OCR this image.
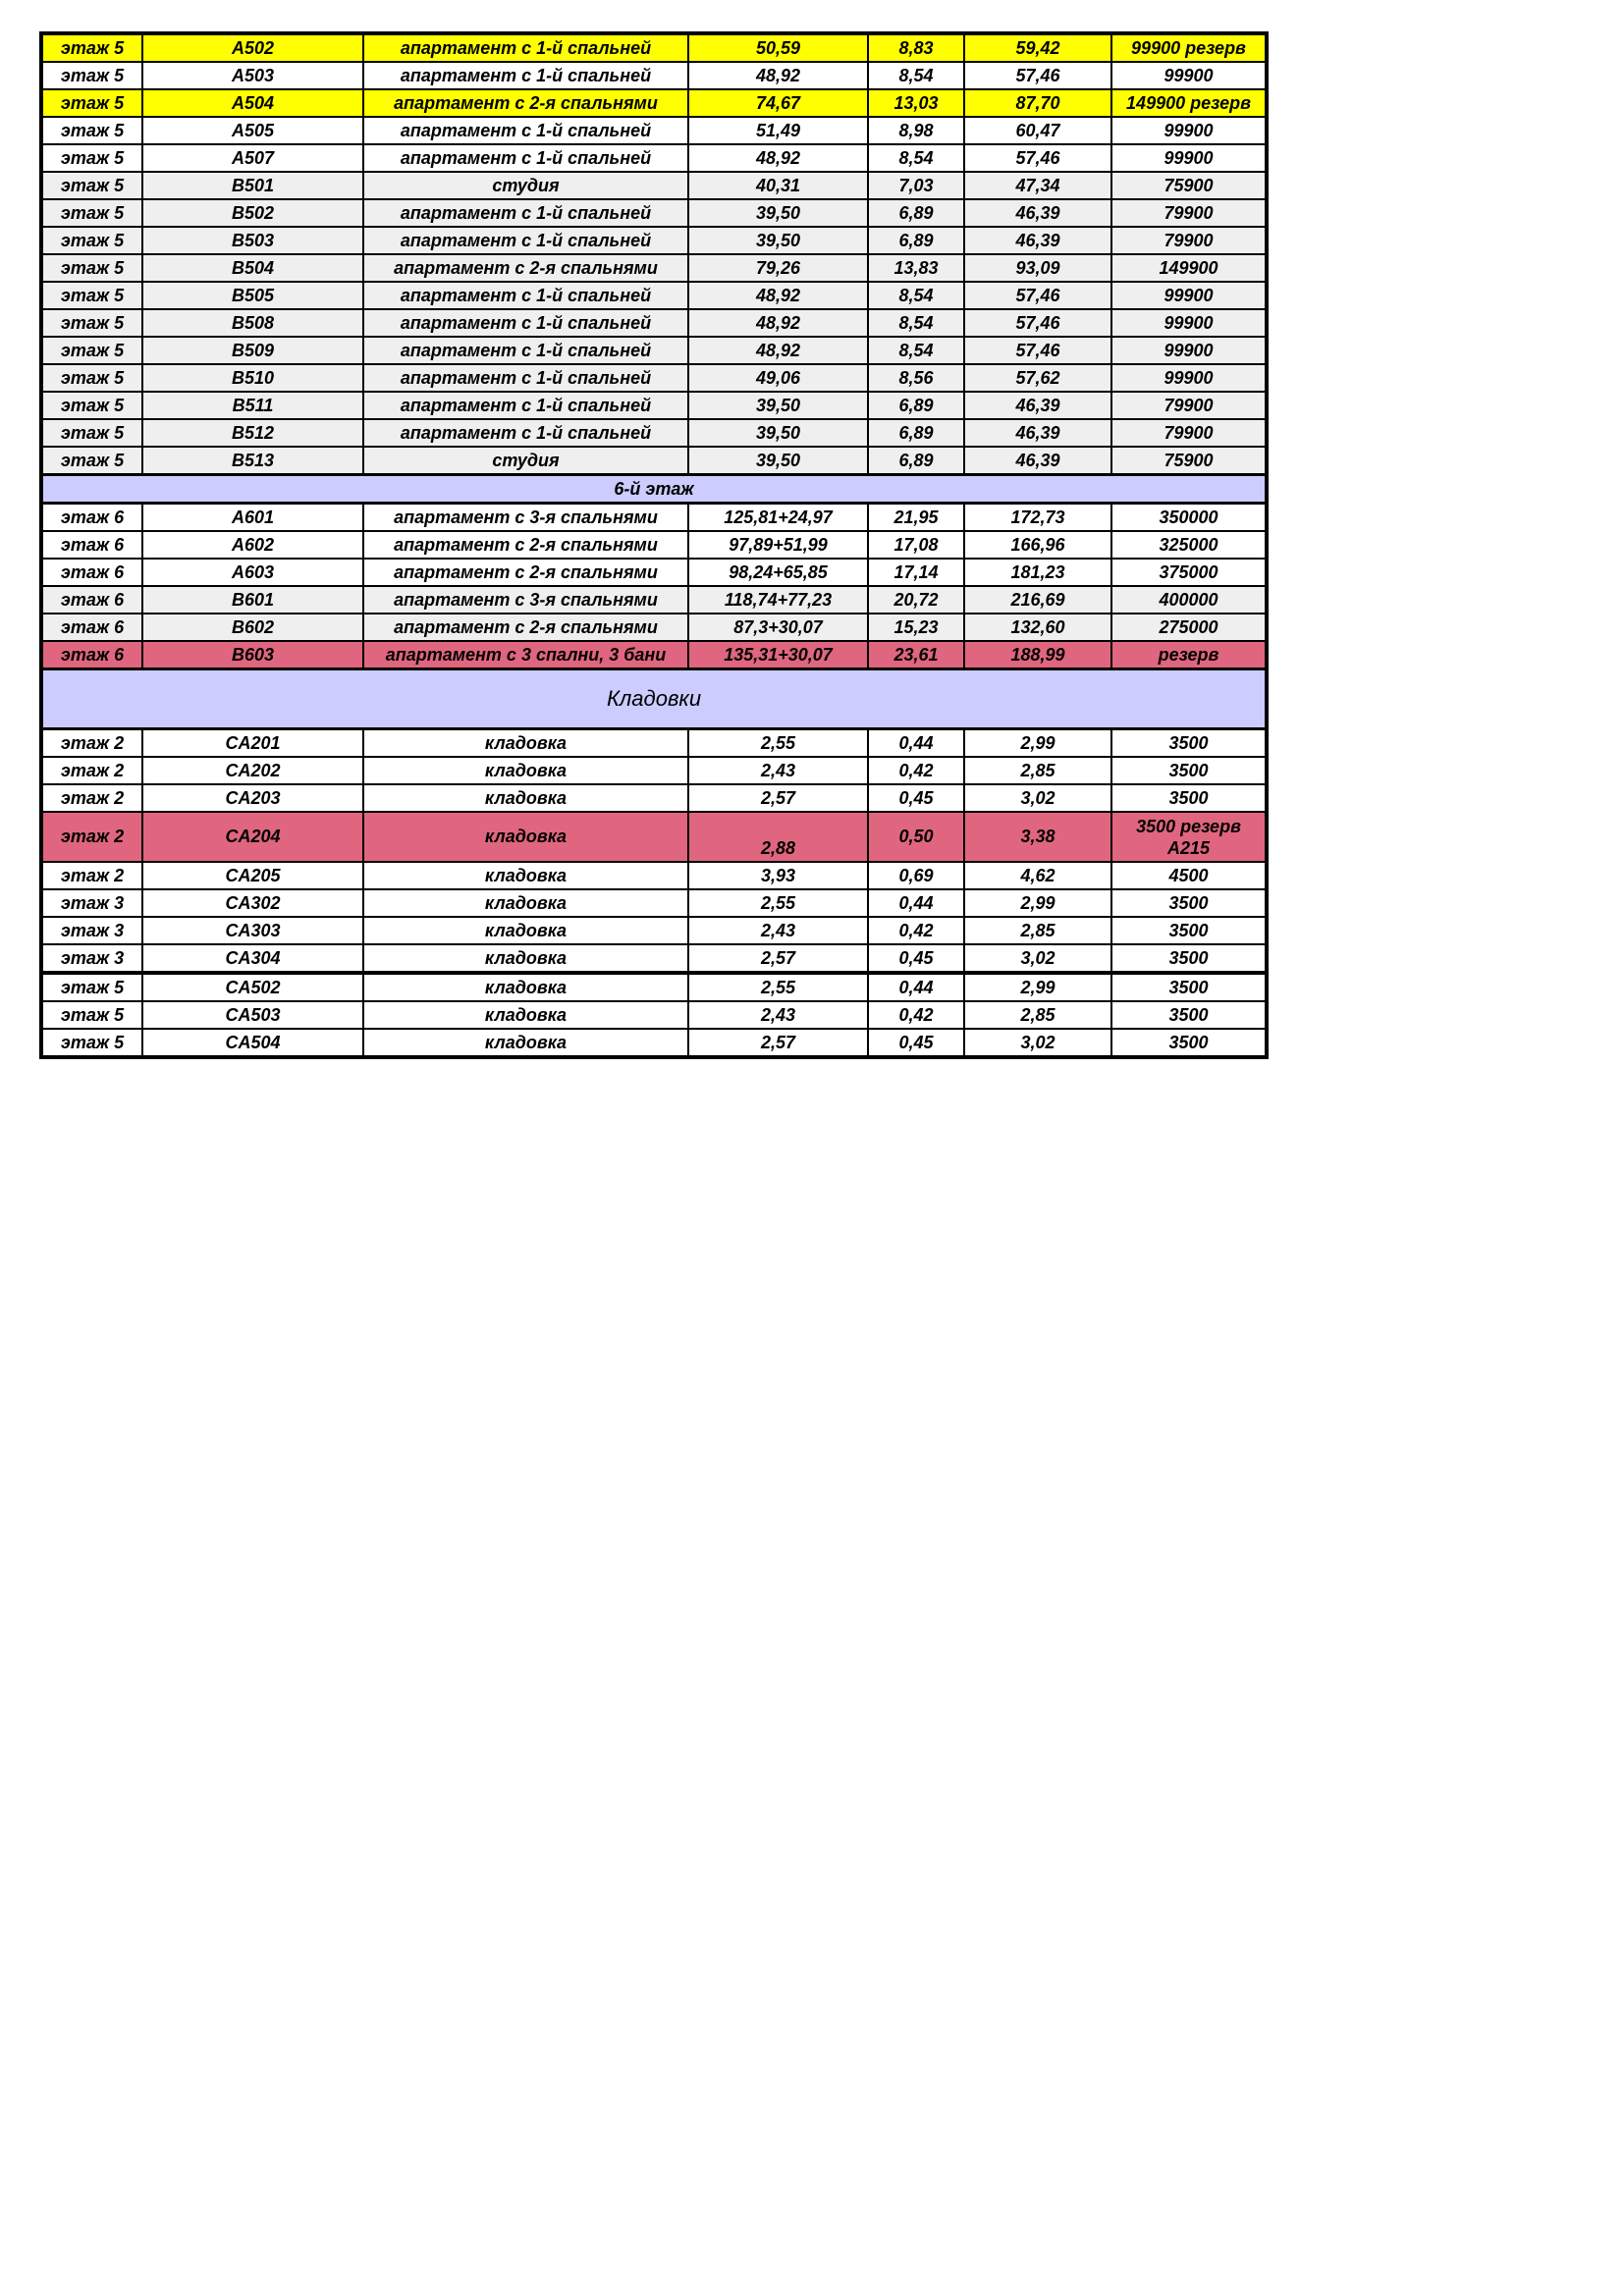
этаж 5	A502	апартамент с 1-й спальней	50,59	8,83	59,42	99900 резерв
этаж 5	A503	апартамент с 1-й спальней	48,92	8,54	57,46	99900
этаж 5	A504	апартамент с 2-я спальнями	74,67	13,03	87,70	149900 резерв
этаж 5	A505	апартамент с 1-й спальней	51,49	8,98	60,47	99900
этаж 5	A507	апартамент с 1-й спальней	48,92	8,54	57,46	99900
этаж 5	B501	студия	40,31	7,03	47,34	75900
этаж 5	B502	апартамент с 1-й спальней	39,50	6,89	46,39	79900
этаж 5	B503	апартамент с 1-й спальней	39,50	6,89	46,39	79900
этаж 5	B504	апартамент с 2-я спальнями	79,26	13,83	93,09	149900
этаж 5	B505	апартамент с 1-й спальней	48,92	8,54	57,46	99900
этаж 5	B508	апартамент с 1-й спальней	48,92	8,54	57,46	99900
этаж 5	B509	апартамент с 1-й спальней	48,92	8,54	57,46	99900
этаж 5	B510	апартамент с 1-й спальней	49,06	8,56	57,62	99900
этаж 5	B511	апартамент с 1-й спальней	39,50	6,89	46,39	79900
этаж 5	B512	апартамент с 1-й спальней	39,50	6,89	46,39	79900
этаж 5	B513	студия	39,50	6,89	46,39	75900
6-й этаж						
этаж 6	A601	апартамент с 3-я спальнями	125,81+24,97	21,95	172,73	350000
этаж 6	A602	апартамент с 2-я спальнями	97,89+51,99	17,08	166,96	325000
этаж 6	A603	апартамент с 2-я спальнями	98,24+65,85	17,14	181,23	375000
этаж 6	B601	апартамент с 3-я спальнями	118,74+77,23	20,72	216,69	400000
этаж 6	B602	апартамент с 2-я спальнями	87,3+30,07	15,23	132,60	275000
этаж 6	B603	апартамент с 3 спални, 3 бани	135,31+30,07	23,61	188,99	резерв
Кладовки						
этаж 2	CA201	кладовка	2,55	0,44	2,99	3500
этаж 2	CA202	кладовка	2,43	0,42	2,85	3500
этаж 2	CA203	кладовка	2,57	0,45	3,02	3500
этаж 2	CA204	кладовка	2,88	0,50	3,38	3500 резерв А215
этаж 2	CA205	кладовка	3,93	0,69	4,62	4500
этаж 3	CA302	кладовка	2,55	0,44	2,99	3500
этаж 3	CA303	кладовка	2,43	0,42	2,85	3500
этаж 3	CA304	кладовка	2,57	0,45	3,02	3500
этаж 5	CA502	кладовка	2,55	0,44	2,99	3500
этаж 5	CA503	кладовка	2,43	0,42	2,85	3500
этаж 5	CA504	кладовка	2,57	0,45	3,02	3500
